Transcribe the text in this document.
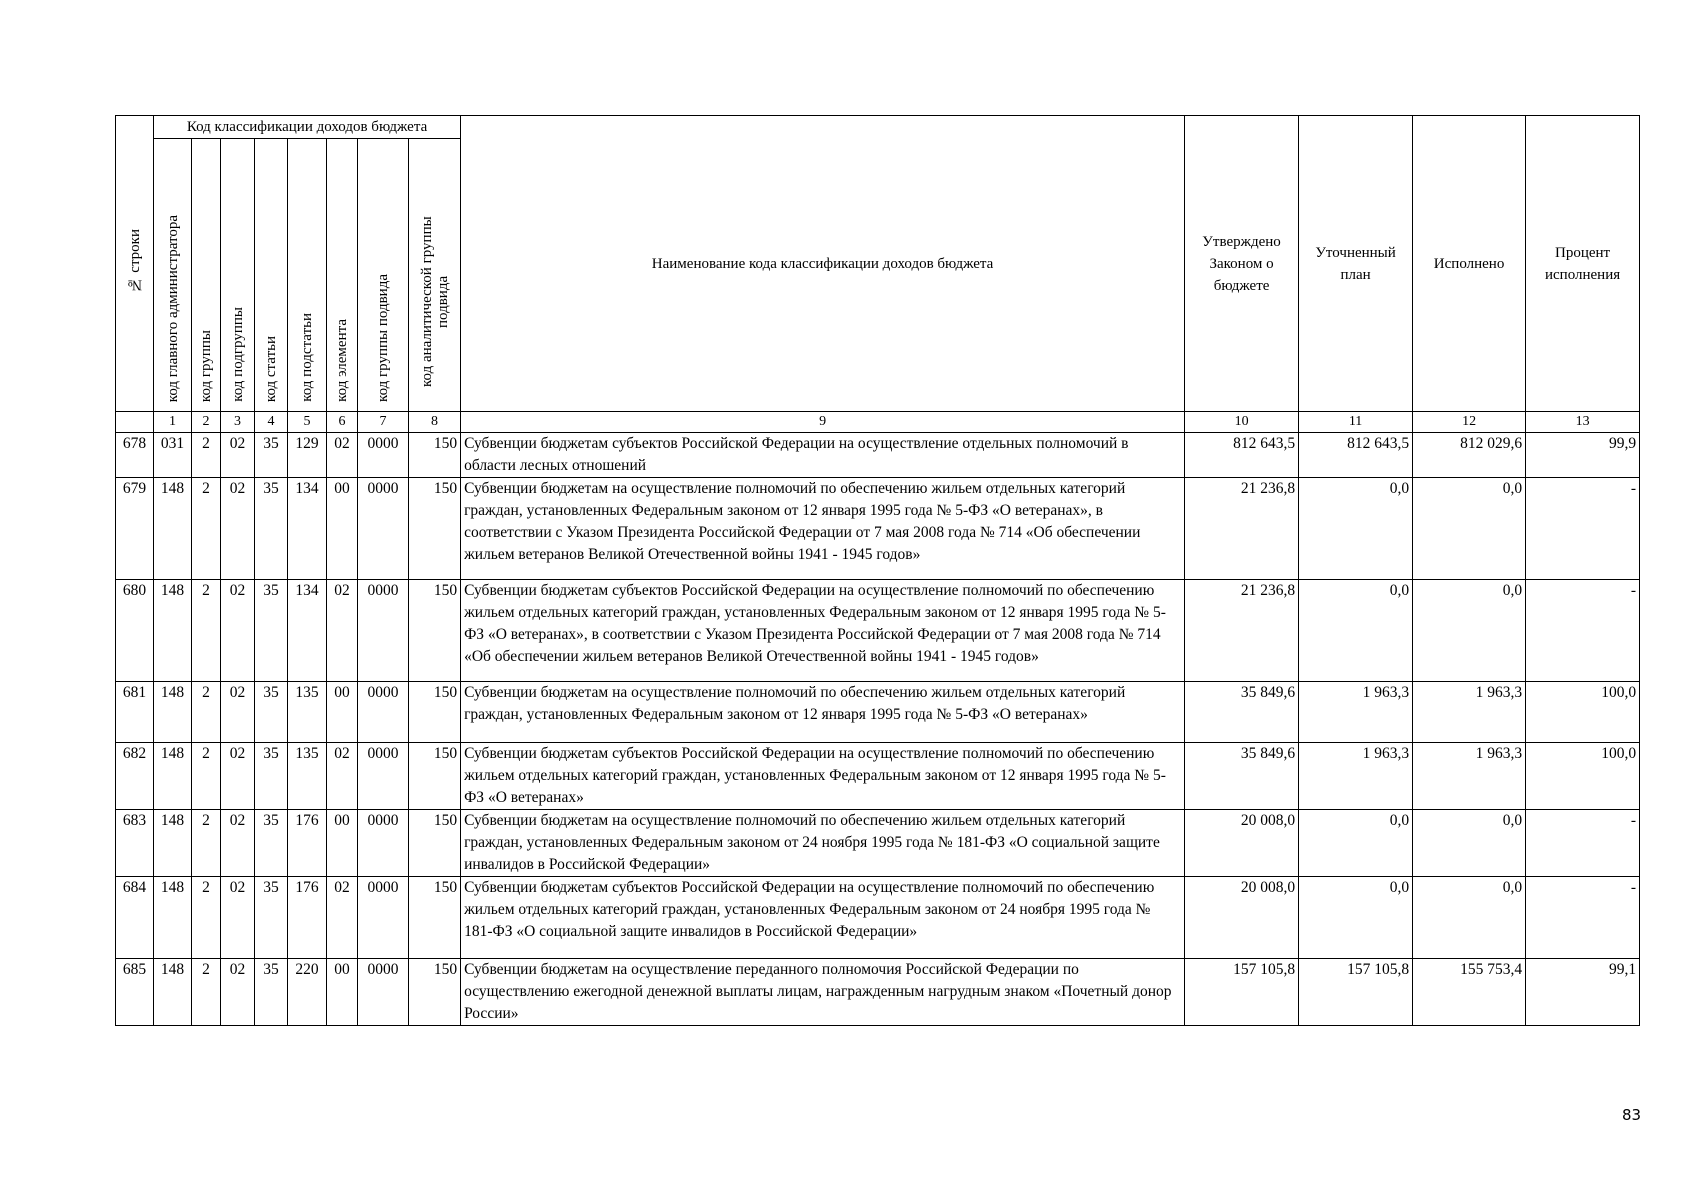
№ строки	Код классификации доходов бюджета								Наименование кода классификации доходов бюджета	Утверждено Законом о бюджете	Уточненный план	Исполнено	Процент исполнения
	код главного администратора	код группы	код подгруппы	код статьи	код подстатьи	код элемента	код группы подвида	код аналитической группы подвида					
	1	2	3	4	5	6	7	8	9	10	11	12	13
678	031	2	02	35	129	02	0000	150	Субвенции бюджетам субъектов Российской Федерации на осуществление отдельных полномочий в области лесных отношений	812 643,5	812 643,5	812 029,6	99,9
679	148	2	02	35	134	00	0000	150	Субвенции бюджетам на осуществление полномочий по обеспечению жильем отдельных категорий граждан, установленных Федеральным законом от 12 января 1995 года № 5-ФЗ «О ветеранах», в соответствии с Указом Президента Российской Федерации от 7 мая 2008 года № 714 «Об обеспечении жильем ветеранов Великой Отечественной войны 1941 - 1945 годов»	21 236,8	0,0	0,0	-
680	148	2	02	35	134	02	0000	150	Субвенции бюджетам субъектов Российской Федерации на осуществление полномочий по обеспечению жильем отдельных категорий граждан, установленных Федеральным законом от 12 января 1995 года № 5-ФЗ «О ветеранах», в соответствии с Указом Президента Российской Федерации от 7 мая 2008 года № 714 «Об обеспечении жильем ветеранов Великой Отечественной войны 1941 - 1945 годов»	21 236,8	0,0	0,0	-
681	148	2	02	35	135	00	0000	150	Субвенции бюджетам на осуществление полномочий по обеспечению жильем отдельных категорий граждан, установленных Федеральным законом от 12 января 1995 года № 5-ФЗ «О ветеранах»	35 849,6	1 963,3	1 963,3	100,0
682	148	2	02	35	135	02	0000	150	Субвенции бюджетам субъектов Российской Федерации на осуществление полномочий по обеспечению жильем отдельных категорий граждан, установленных Федеральным законом от 12 января 1995 года № 5-ФЗ «О ветеранах»	35 849,6	1 963,3	1 963,3	100,0
683	148	2	02	35	176	00	0000	150	Субвенции бюджетам на осуществление полномочий по обеспечению жильем отдельных категорий граждан, установленных Федеральным законом от 24 ноября 1995 года № 181-ФЗ «О социальной защите инвалидов в Российской Федерации»	20 008,0	0,0	0,0	-
684	148	2	02	35	176	02	0000	150	Субвенции бюджетам субъектов Российской Федерации на осуществление полномочий по обеспечению жильем отдельных категорий граждан, установленных Федеральным законом от 24 ноября 1995 года № 181-ФЗ «О социальной защите инвалидов в Российской Федерации»	20 008,0	0,0	0,0	-
685	148	2	02	35	220	00	0000	150	Субвенции бюджетам на осуществление переданного полномочия Российской Федерации по осуществлению ежегодной денежной выплаты лицам, награжденным нагрудным знаком «Почетный донор России»	157 105,8	157 105,8	155 753,4	99,1
83
